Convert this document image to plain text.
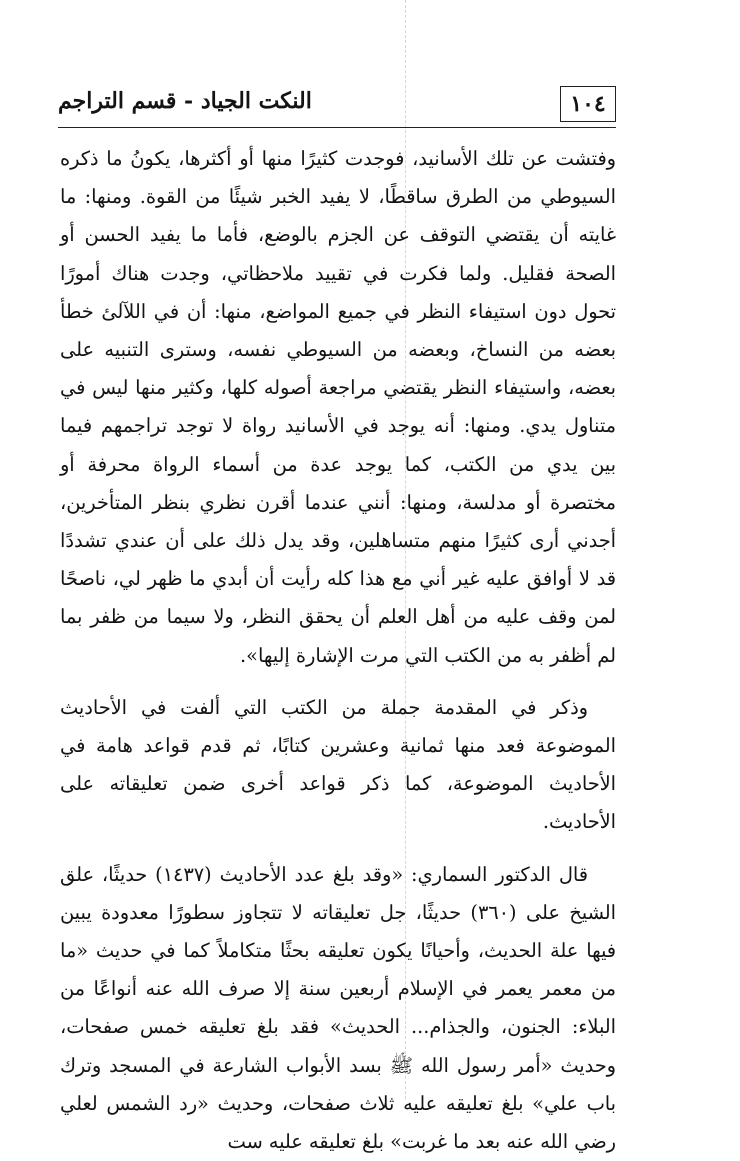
١٠٤
النكت الجياد - قسم التراجم

وفتشت عن تلك الأسانيد، فوجدت كثيرًا منها أو أكثرها، يكونُ ما ذكره السيوطي من الطرق ساقطًا، لا يفيد الخبر شيئًا من القوة. ومنها: ما غايته أن يقتضي التوقف عن الجزم بالوضع، فأما ما يفيد الحسن أو الصحة فقليل. ولما فكرت في تقييد ملاحظاتي، وجدت هناك أمورًا تحول دون استيفاء النظر في جميع المواضع، منها: أن في اللآلئ خطأ بعضه من النساخ، وبعضه من السيوطي نفسه، وسترى التنبيه على بعضه، واستيفاء النظر يقتضي مراجعة أصوله كلها، وكثير منها ليس في متناول يدي. ومنها: أنه يوجد في الأسانيد رواة لا توجد تراجمهم فيما بين يدي من الكتب، كما يوجد عدة من أسماء الرواة محرفة أو مختصرة أو مدلسة، ومنها: أنني عندما أقرن نظري بنظر المتأخرين، أجدني أرى كثيرًا منهم متساهلين، وقد يدل ذلك على أن عندي تشددًا قد لا أوافق عليه غير أني مع هذا كله رأيت أن أبدي ما ظهر لي، ناصحًا لمن وقف عليه من أهل العلم أن يحقق النظر، ولا سيما من ظفر بما لم أظفر به من الكتب التي مرت الإشارة إليها».

وذكر في المقدمة جملة من الكتب التي ألفت في الأحاديث الموضوعة فعد منها ثمانية وعشرين كتابًا، ثم قدم قواعد هامة في الأحاديث الموضوعة، كما ذكر قواعد أخرى ضمن تعليقاته على الأحاديث.

قال الدكتور السماري: «وقد بلغ عدد الأحاديث (١٤٣٧) حديثًا، علق الشيخ على (٣٦٠) حديثًا، جل تعليقاته لا تتجاوز سطورًا معدودة يبين فيها علة الحديث، وأحيانًا يكون تعليقه بحثًا متكاملاً كما في حديث «ما من معمر يعمر في الإسلام أربعين سنة إلا صرف الله عنه أنواعًا من البلاء: الجنون، والجذام... الحديث» فقد بلغ تعليقه خمس صفحات، وحديث «أمر رسول الله ﷺ بسد الأبواب الشارعة في المسجد وترك باب علي» بلغ تعليقه عليه ثلاث صفحات، وحديث «رد الشمس لعلي رضي الله عنه بعد ما غربت» بلغ تعليقه عليه ست
